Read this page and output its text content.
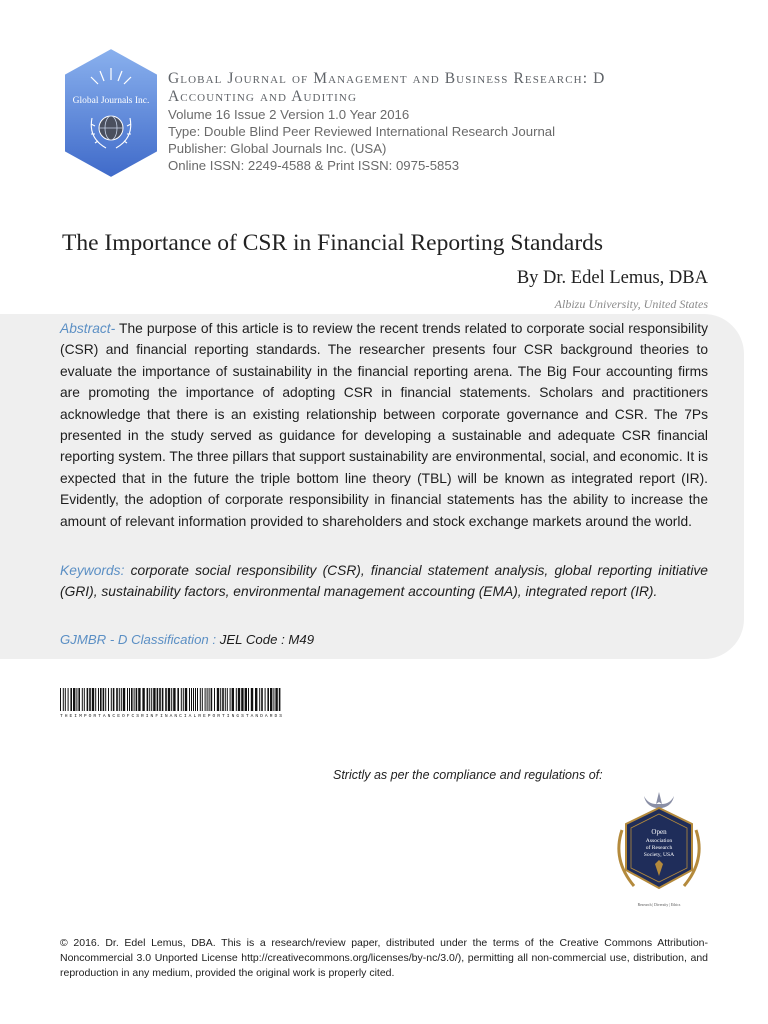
Global Journals Inc.
Global Journal of Management and Business Research: D
Accounting and Auditing
Volume 16 Issue 2 Version 1.0 Year 2016
Type: Double Blind Peer Reviewed International Research Journal
Publisher: Global Journals Inc. (USA)
Online ISSN: 2249-4588 & Print ISSN: 0975-5853
The Importance of CSR in Financial Reporting Standards
By Dr. Edel Lemus, DBA
Albizu University, United States
Abstract- The purpose of this article is to review the recent trends related to corporate social responsibility (CSR) and financial reporting standards. The researcher presents four CSR background theories to evaluate the importance of sustainability in the financial reporting arena. The Big Four accounting firms are promoting the importance of adopting CSR in financial statements. Scholars and practitioners acknowledge that there is an existing relationship between corporate governance and CSR. The 7Ps presented in the study served as guidance for developing a sustainable and adequate CSR financial reporting system. The three pillars that support sustainability are environmental, social, and economic. It is expected that in the future the triple bottom line theory (TBL) will be known as integrated report (IR). Evidently, the adoption of corporate responsibility in financial statements has the ability to increase the amount of relevant information provided to shareholders and stock exchange markets around the world.
Keywords: corporate social responsibility (CSR), financial statement analysis, global reporting initiative (GRI), sustainability factors, environmental management accounting (EMA), integrated report (IR).
GJMBR - D Classification : JEL Code : M49
THEIMPORTANCEOFCSRINFINANCIALREPORTINGSTANDARDS
Strictly as per the compliance and regulations of:
Open
Association
of Research
Society, USA
Research | Diversity | Ethics
© 2016. Dr. Edel Lemus, DBA. This is a research/review paper, distributed under the terms of the Creative Commons Attribution-Noncommercial 3.0 Unported License http://creativecommons.org/licenses/by-nc/3.0/), permitting all non-commercial use, distribution, and reproduction in any medium, provided the original work is properly cited.
